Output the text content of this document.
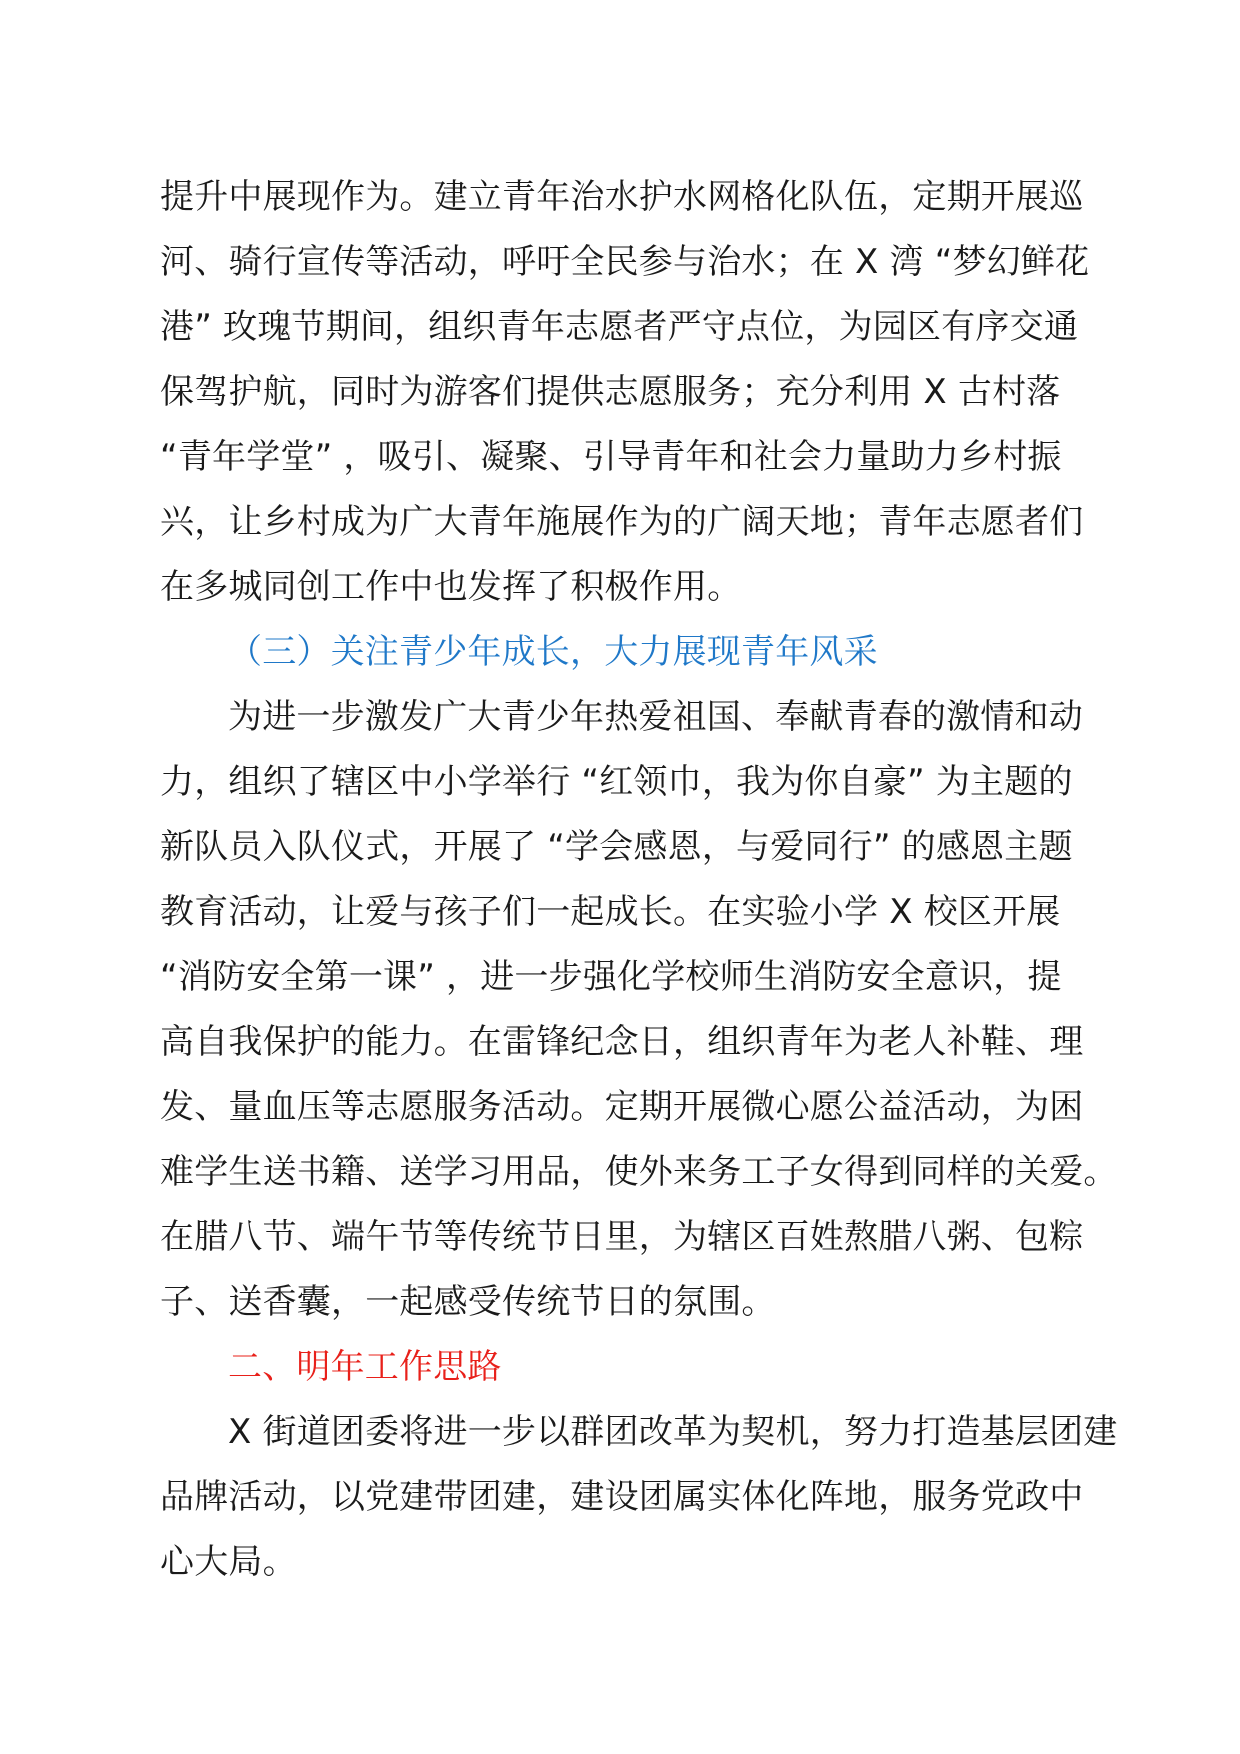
提升中展现作为。建立青年治水护水网格化队伍，定期开展巡
河、骑行宣传等活动，呼吁全民参与治水；在 X 湾 “梦幻鲜花
港” 玫瑰节期间，组织青年志愿者严守点位，为园区有序交通
保驾护航，同时为游客们提供志愿服务；充分利用 X 古村落
“青年学堂” ，吸引、凝聚、引导青年和社会力量助力乡村振
兴，让乡村成为广大青年施展作为的广阔天地；青年志愿者们
在多城同创工作中也发挥了积极作用。
（三）关注青少年成长，大力展现青年风采
为进一步激发广大青少年热爱祖国、奉献青春的激情和动
力，组织了辖区中小学举行 “红领巾，我为你自豪” 为主题的
新队员入队仪式，开展了 “学会感恩，与爱同行” 的感恩主题
教育活动，让爱与孩子们一起成长。在实验小学 X 校区开展
“消防安全第一课” ，进一步强化学校师生消防安全意识，提
高自我保护的能力。在雷锋纪念日，组织青年为老人补鞋、理
发、量血压等志愿服务活动。定期开展微心愿公益活动，为困
难学生送书籍、送学习用品，使外来务工子女得到同样的关爱。
在腊八节、端午节等传统节日里，为辖区百姓熬腊八粥、包粽
子、送香囊，一起感受传统节日的氛围。
二、明年工作思路
X 街道团委将进一步以群团改革为契机，努力打造基层团建
品牌活动，以党建带团建，建设团属实体化阵地，服务党政中
心大局。
